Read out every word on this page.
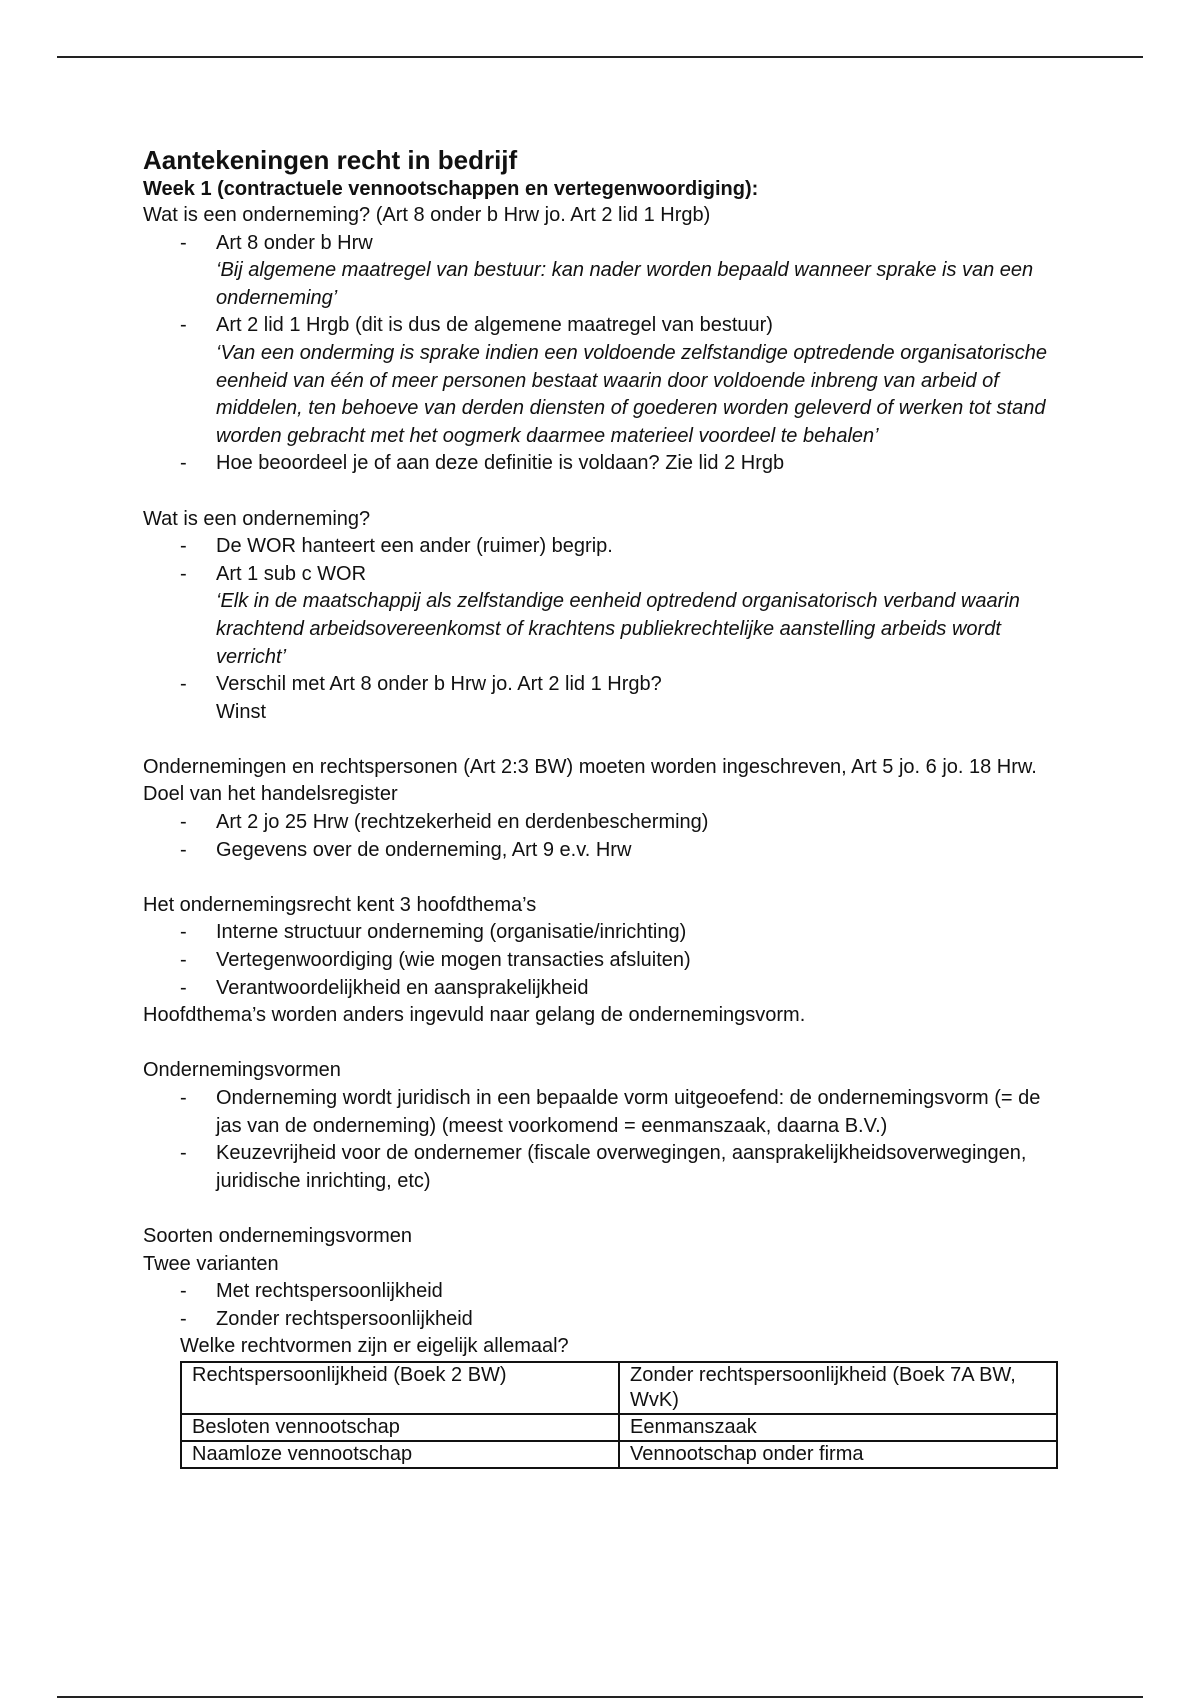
Aantekeningen recht in bedrijf

Week 1 (contractuele vennootschappen en vertegenwoordiging):

Wat is een onderneming? (Art 8 onder b Hrw jo. Art 2 lid 1 Hrgb)

- Art 8 onder b Hrw
‘Bij algemene maatregel van bestuur: kan nader worden bepaald wanneer sprake is van een onderneming’
- Art 2 lid 1 Hrgb (dit is dus de algemene maatregel van bestuur)
‘Van een onderming is sprake indien een voldoende zelfstandige optredende organisatorische eenheid van één of meer personen bestaat waarin door voldoende inbreng van arbeid of middelen, ten behoeve van derden diensten of goederen worden geleverd of werken tot stand worden gebracht met het oogmerk daarmee materieel voordeel te behalen’
- Hoe beoordeel je of aan deze definitie is voldaan? Zie lid 2 Hrgb

Wat is een onderneming?

- De WOR hanteert een ander (ruimer) begrip.
- Art 1 sub c WOR
‘Elk in de maatschappij als zelfstandige eenheid optredend organisatorisch verband waarin krachtend arbeidsovereenkomst of krachtens publiekrechtelijke aanstelling arbeids wordt verricht’
- Verschil met Art 8 onder b Hrw jo. Art 2 lid 1 Hrgb?
Winst

Ondernemingen en rechtspersonen (Art 2:3 BW) moeten worden ingeschreven, Art 5 jo. 6 jo. 18 Hrw.

Doel van het handelsregister

- Art 2 jo 25 Hrw (rechtzekerheid en derdenbescherming)
- Gegevens over de onderneming, Art 9 e.v. Hrw

Het ondernemingsrecht kent 3 hoofdthema’s

- Interne structuur onderneming (organisatie/inrichting)
- Vertegenwoordiging (wie mogen transacties afsluiten)
- Verantwoordelijkheid en aansprakelijkheid

Hoofdthema’s worden anders ingevuld naar gelang de ondernemingsvorm.

Ondernemingsvormen

- Onderneming wordt juridisch in een bepaalde vorm uitgeoefend: de ondernemingsvorm (= de jas van de onderneming) (meest voorkomend = eenmanszaak, daarna B.V.)
- Keuzevrijheid voor de ondernemer (fiscale overwegingen, aansprakelijkheidsoverwegingen, juridische inrichting, etc)

Soorten ondernemingsvormen

Twee varianten

- Met rechtspersoonlijkheid
- Zonder rechtspersoonlijkheid

Welke rechtvormen zijn er eigelijk allemaal?

Rechtspersoonlijkheid (Boek 2 BW)	Zonder rechtspersoonlijkheid (Boek 7A BW, WvK)
Besloten vennootschap	Eenmanszaak
Naamloze vennootschap	Vennootschap onder firma
